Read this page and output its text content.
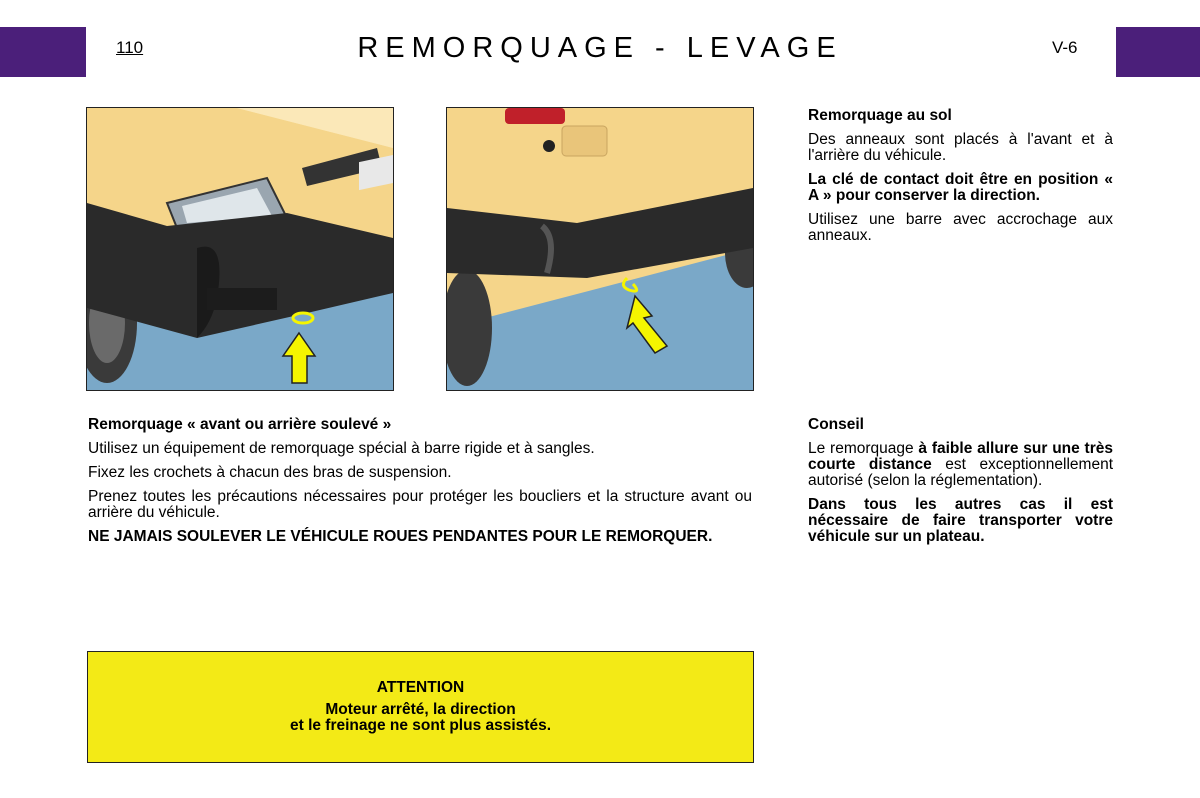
110	REMORQUAGE - LEVAGE	V-6
Remorquage au sol

Des anneaux sont placés à l'avant et à l'arrière du véhicule.

La clé de contact doit être en position « A » pour conserver la direction.

Utilisez une barre avec accrochage aux anneaux.

Remorquage « avant ou arrière soulevé »

Utilisez un équipement de remorquage spécial à barre rigide et à sangles.

Fixez les crochets à chacun des bras de suspension.

Prenez toutes les précautions nécessaires pour protéger les boucliers et la structure avant ou arrière du véhicule.

NE JAMAIS SOULEVER LE VÉHICULE ROUES PENDANTES POUR LE REMORQUER.

Conseil

Le remorquage à faible allure sur une très courte distance est exceptionnellement autorisé (selon la réglementation).

Dans tous les autres cas il est nécessaire de faire transporter votre véhicule sur un plateau.

ATTENTION
Moteur arrêté, la direction
et le freinage ne sont plus assistés.
